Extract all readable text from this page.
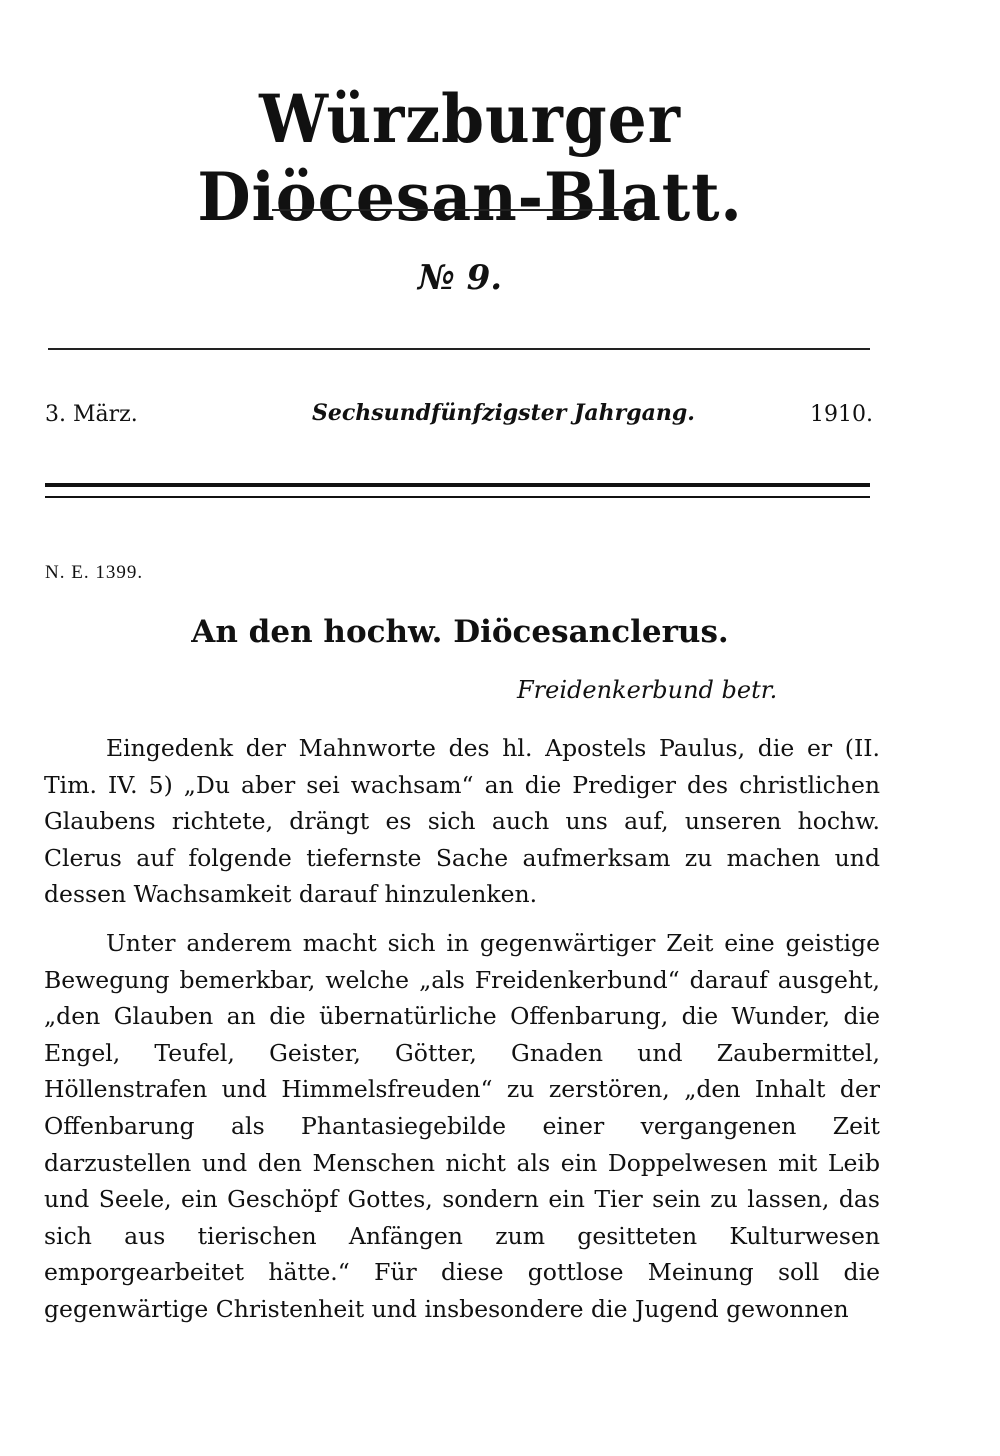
Würzburger Diöcesan-Blatt.
№ 9.
3. März.	Sechsundfünfzigster Jahrgang.	1910.
N. E. 1399.
An den hochw. Diöcesanclerus.
Freidenkerbund betr.

Eingedenk der Mahnworte des hl. Apostels Paulus, die er (II. Tim. IV. 5) „Du aber sei wachsam“ an die Prediger des christlichen Glaubens richtete, drängt es sich auch uns auf, unseren hochw. Clerus auf folgende tiefernste Sache aufmerksam zu machen und dessen Wachsamkeit darauf hinzulenken.

Unter anderem macht sich in gegenwärtiger Zeit eine geistige Bewegung bemerkbar, welche „als Freidenkerbund“ darauf ausgeht, „den Glauben an die übernatürliche Offenbarung, die Wunder, die Engel, Teufel, Geister, Götter, Gnaden und Zaubermittel, Höllenstrafen und Himmelsfreuden“ zu zerstören, „den Inhalt der Offenbarung als Phantasiegebilde einer vergangenen Zeit darzustellen und den Menschen nicht als ein Doppelwesen mit Leib und Seele, ein Geschöpf Gottes, sondern ein Tier sein zu lassen, das sich aus tierischen Anfängen zum gesitteten Kulturwesen emporgearbeitet hätte.“ Für diese gottlose Meinung soll die gegenwärtige Christenheit und insbesondere die Jugend gewonnen
